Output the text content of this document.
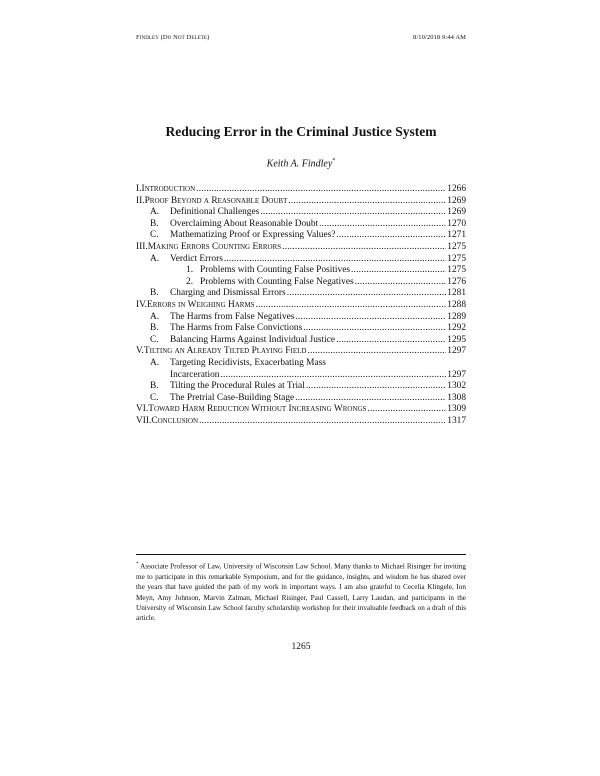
Findley (Do Not Delete)	8/10/2018 9:44 AM
Reducing Error in the Criminal Justice System
Keith A. Findley*
I. Introduction .....	1266
II. Proof Beyond a Reasonable Doubt .....	1269
A.	Definitional Challenges .....	1269
B.	Overclaiming About Reasonable Doubt .....	1270
C.	Mathematizing Proof or Expressing Values? .....	1271
III. Making Errors Counting Errors .....	1275
A.	Verdict Errors .....	1275
1. Problems with Counting False Positives .....	1275
2. Problems with Counting False Negatives .....	1276
B.	Charging and Dismissal Errors .....	1281
IV. Errors in Weighing Harms .....	1288
A.	The Harms from False Negatives .....	1289
B.	The Harms from False Convictions .....	1292
C.	Balancing Harms Against Individual Justice .....	1295
V. Tilting an Already Tilted Playing Field .....	1297
A.	Targeting Recidivists, Exacerbating Mass
Incarceration .....	1297
B.	Tilting the Procedural Rules at Trial .....	1302
C.	The Pretrial Case-Building Stage .....	1308
VI. Toward Harm Reduction Without Increasing Wrongs .....	1309
VII. Conclusion .....	1317
* Associate Professor of Law, University of Wisconsin Law School. Many thanks to Michael Risinger for inviting me to participate in this remarkable Symposium, and for the guidance, insights, and wisdom he has shared over the years that have guided the path of my work in important ways. I am also grateful to Cecelia Klingele, Ion Meyn, Amy Johnson, Marvin Zalman, Michael Risinger, Paul Cassell, Larry Laudan, and participants in the University of Wisconsin Law School faculty scholarship workshop for their invaluable feedback on a draft of this article.
1265
